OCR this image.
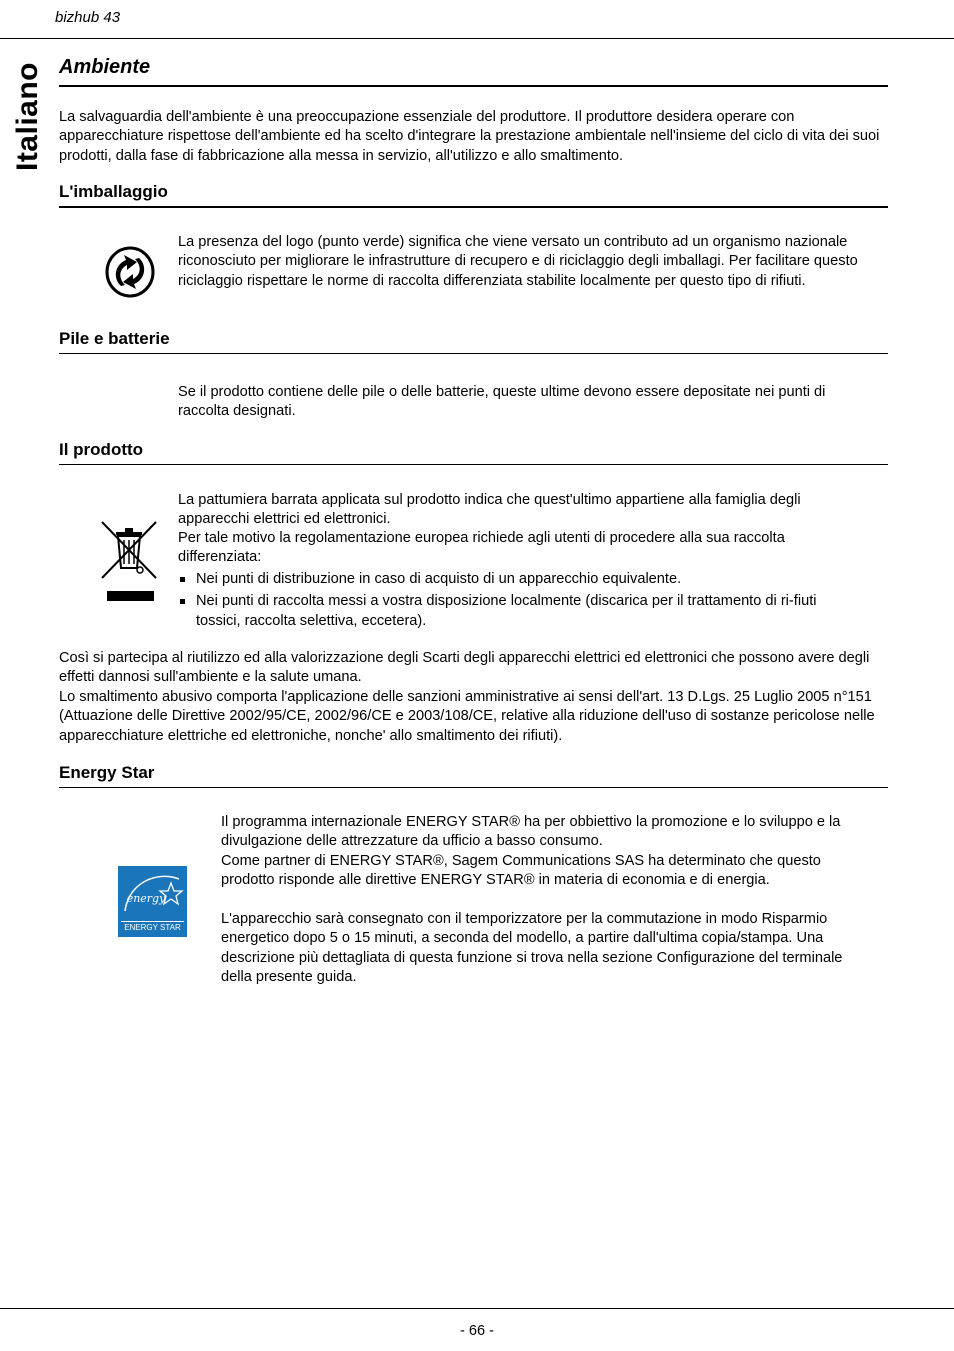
bizhub 43
Italiano Ambiente

La salvaguardia dell'ambiente è una preoccupazione essenziale del produttore. Il produttore desidera operare con apparecchiature rispettose dell'ambiente ed ha scelto d'integrare la prestazione ambientale nell'insieme del ciclo di vita dei suoi prodotti, dalla fase di fabbricazione alla messa in servizio, all'utilizzo e allo smaltimento.

L'imballaggio

La presenza del logo (punto verde) significa che viene versato un contributo ad un organismo nazionale riconosciuto per migliorare le infrastrutture di recupero e di riciclaggio degli imballagi. Per facilitare questo riciclaggio rispettare le norme di raccolta differenziata stabilite localmente per questo tipo di rifiuti.

Pile e batterie

Se il prodotto contiene delle pile o delle batterie, queste ultime devono essere depositate nei punti di raccolta designati.

Il prodotto

La pattumiera barrata applicata sul prodotto indica che quest'ultimo appartiene alla famiglia degli apparecchi elettrici ed elettronici.

Per tale motivo la regolamentazione europea richiede agli utenti di procedere alla sua raccolta differenziata:

Nei punti di distribuzione in caso di acquisto di un apparecchio equivalente.
Nei punti di raccolta messi a vostra disposizione localmente (discarica per il trattamento di ri-fiuti tossici, raccolta selettiva, eccetera).

Così si partecipa al riutilizzo ed alla valorizzazione degli Scarti degli apparecchi elettrici ed elettronici che possono avere degli effetti dannosi sull'ambiente e la salute umana.

Lo smaltimento abusivo comporta l'applicazione delle sanzioni amministrative ai sensi dell'art. 13 D.Lgs. 25 Luglio 2005 n°151 (Attuazione delle Direttive 2002/95/CE, 2002/96/CE e 2003/108/CE, relative alla riduzione dell'uso di sostanze pericolose nelle apparecchiature elettriche ed elettroniche, nonche' allo smaltimento dei rifiuti).

Energy Star
energy
ENERGY STAR

Il programma internazionale ENERGY STAR® ha per obbiettivo la promozione e lo sviluppo e la divulgazione delle attrezzature da ufficio a basso consumo.

Come partner di ENERGY STAR®, Sagem Communications SAS ha determinato che questo prodotto risponde alle direttive ENERGY STAR® in materia di economia e di energia.

L'apparecchio sarà consegnato con il temporizzatore per la commutazione in modo Risparmio energetico dopo 5 o 15 minuti, a seconda del modello, a partire dall'ultima copia/stampa. Una descrizione più dettagliata di questa funzione si trova nella sezione Configurazione del terminale della presente guida.

- 66 -
